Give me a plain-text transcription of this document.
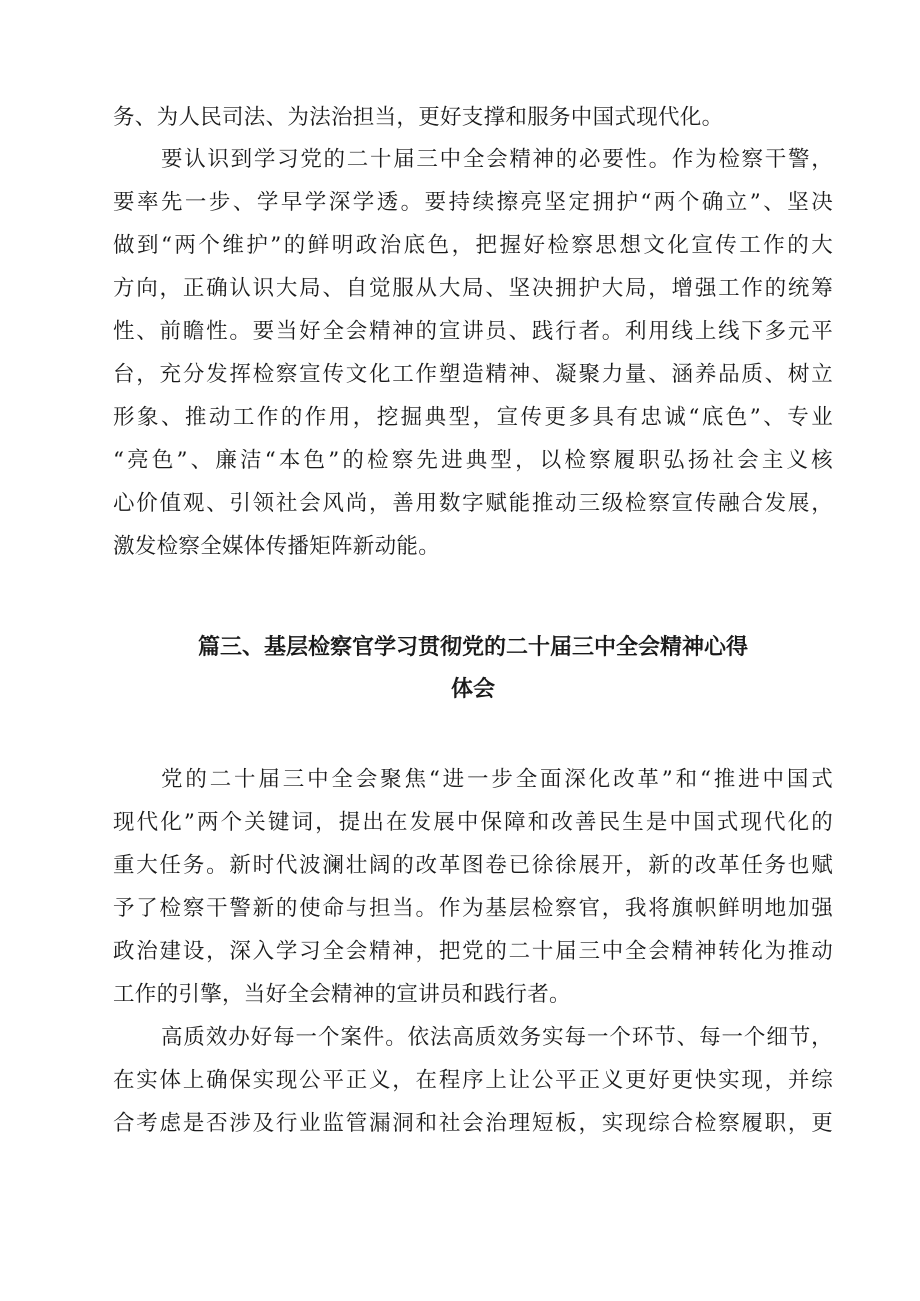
务、为人民司法、为法治担当，更好支撑和服务中国式现代化。

要认识到学习党的二十届三中全会精神的必要性。作为检察干警，

要率先一步、学早学深学透。要持续擦亮坚定拥护“两个确立”、坚决

做到“两个维护”的鲜明政治底色，把握好检察思想文化宣传工作的大

方向，正确认识大局、自觉服从大局、坚决拥护大局，增强工作的统筹

性、前瞻性。要当好全会精神的宣讲员、践行者。利用线上线下多元平

台，充分发挥检察宣传文化工作塑造精神、凝聚力量、涵养品质、树立

形象、推动工作的作用，挖掘典型，宣传更多具有忠诚“底色”、专业

“亮色”、廉洁“本色”的检察先进典型，以检察履职弘扬社会主义核

心价值观、引领社会风尚，善用数字赋能推动三级检察宣传融合发展，

激发检察全媒体传播矩阵新动能。

篇三、基层检察官学习贯彻党的二十届三中全会精神心得
体会

党的二十届三中全会聚焦“进一步全面深化改革”和“推进中国式

现代化”两个关键词，提出在发展中保障和改善民生是中国式现代化的

重大任务。新时代波澜壮阔的改革图卷已徐徐展开，新的改革任务也赋

予了检察干警新的使命与担当。作为基层检察官，我将旗帜鲜明地加强

政治建设，深入学习全会精神，把党的二十届三中全会精神转化为推动

工作的引擎，当好全会精神的宣讲员和践行者。

高质效办好每一个案件。依法高质效务实每一个环节、每一个细节，

在实体上确保实现公平正义，在程序上让公平正义更好更快实现，并综

合考虑是否涉及行业监管漏洞和社会治理短板，实现综合检察履职，更
